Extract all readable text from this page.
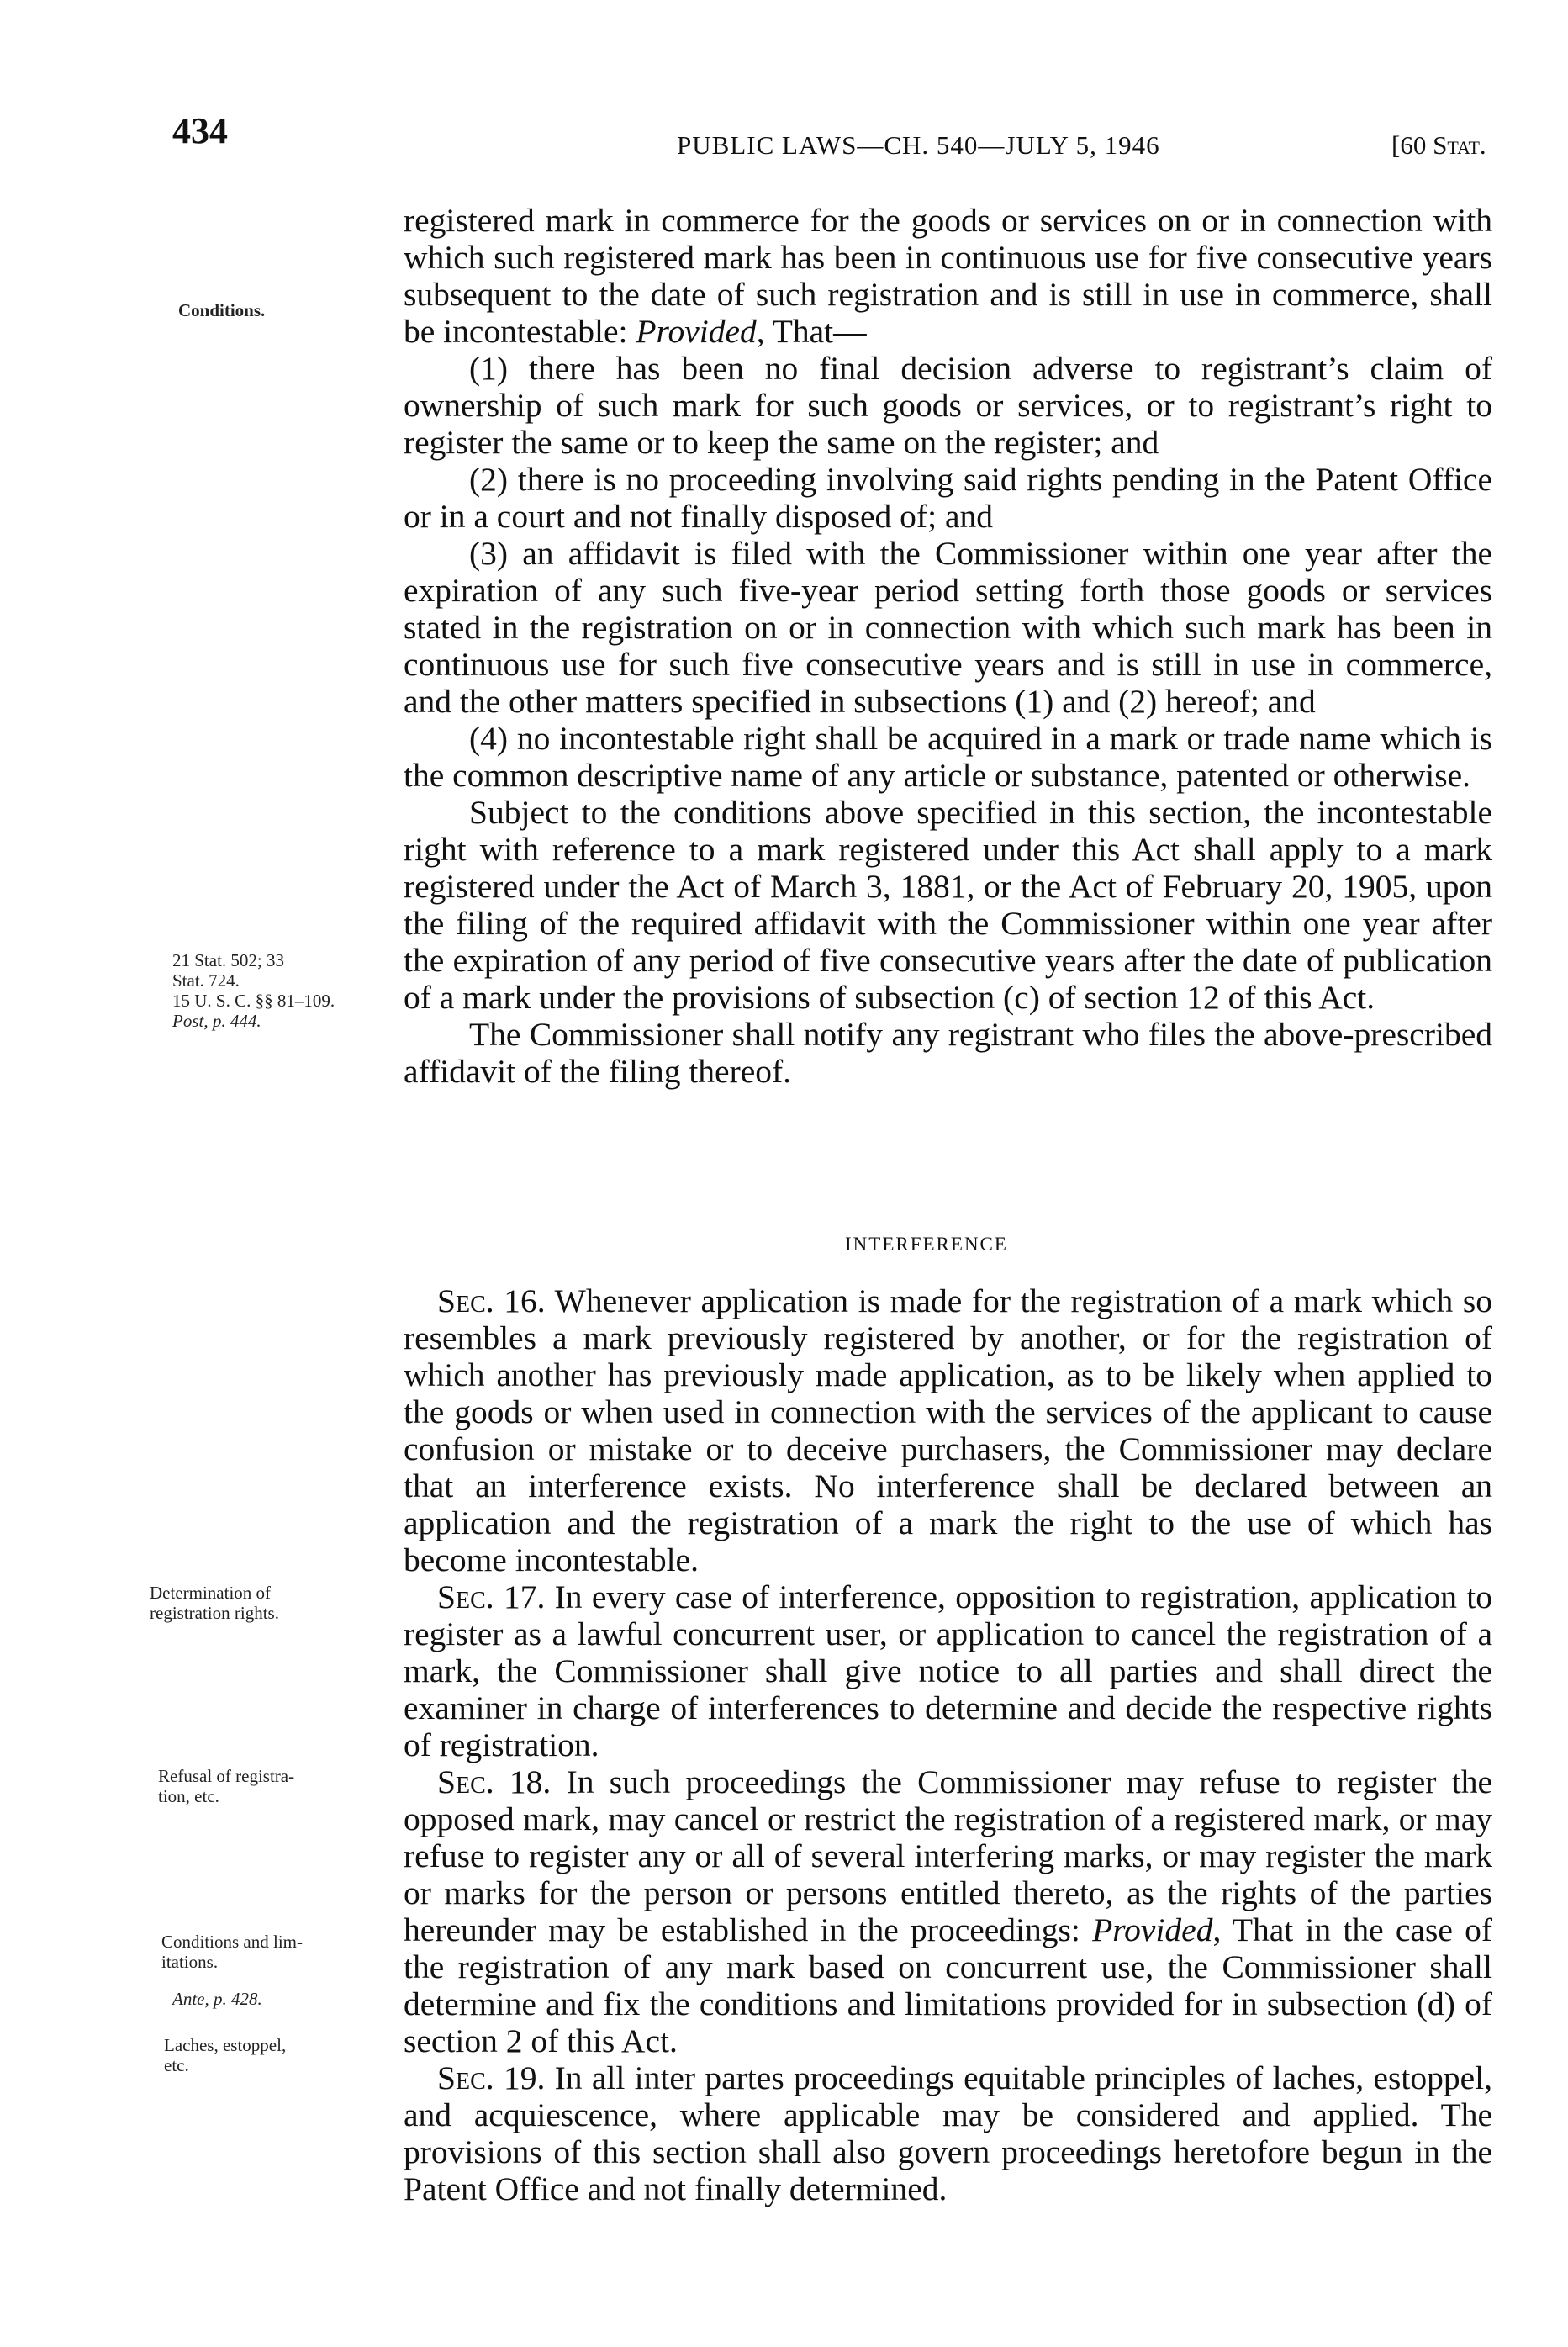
434	PUBLIC LAWS—CH. 540—JULY 5, 1946	[60 Stat.

registered mark in commerce for the goods or services on or in connection with which such registered mark has been in continuous use for five consecutive years subsequent to the date of such registration and is still in use in commerce, shall be incontestable: Provided, That—

(1) there has been no final decision adverse to registrant’s claim of ownership of such mark for such goods or services, or to registrant’s right to register the same or to keep the same on the register; and

(2) there is no proceeding involving said rights pending in the Patent Office or in a court and not finally disposed of; and

(3) an affidavit is filed with the Commissioner within one year after the expiration of any such five-year period setting forth those goods or services stated in the registration on or in connection with which such mark has been in continuous use for such five consecutive years and is still in use in commerce, and the other matters specified in subsections (1) and (2) hereof; and

(4) no incontestable right shall be acquired in a mark or trade name which is the common descriptive name of any article or substance, patented or otherwise.

Subject to the conditions above specified in this section, the incontestable right with reference to a mark registered under this Act shall apply to a mark registered under the Act of March 3, 1881, or the Act of February 20, 1905, upon the filing of the required affidavit with the Commissioner within one year after the expiration of any period of five consecutive years after the date of publication of a mark under the provisions of subsection (c) of section 12 of this Act.

The Commissioner shall notify any registrant who files the above-prescribed affidavit of the filing thereof.

INTERFERENCE

Sec. 16. Whenever application is made for the registration of a mark which so resembles a mark previously registered by another, or for the registration of which another has previously made application, as to be likely when applied to the goods or when used in connection with the services of the applicant to cause confusion or mistake or to deceive purchasers, the Commissioner may declare that an interference exists. No interference shall be declared between an application and the registration of a mark the right to the use of which has become incontestable.

Sec. 17. In every case of interference, opposition to registration, application to register as a lawful concurrent user, or application to cancel the registration of a mark, the Commissioner shall give notice to all parties and shall direct the examiner in charge of interferences to determine and decide the respective rights of registration.

Sec. 18. In such proceedings the Commissioner may refuse to register the opposed mark, may cancel or restrict the registration of a registered mark, or may refuse to register any or all of several interfering marks, or may register the mark or marks for the person or persons entitled thereto, as the rights of the parties hereunder may be established in the proceedings: Provided, That in the case of the registration of any mark based on concurrent use, the Commissioner shall determine and fix the conditions and limitations provided for in subsection (d) of section 2 of this Act.

Sec. 19. In all inter partes proceedings equitable principles of laches, estoppel, and acquiescence, where applicable may be considered and applied. The provisions of this section shall also govern proceedings heretofore begun in the Patent Office and not finally determined.

Conditions.
21 Stat. 502; 33
Stat. 724.
15 U. S. C. §§ 81–109.
Post, p. 444.
Determination of
registration rights.
Refusal of registra-
tion, etc.
Conditions and lim-
itations.
Ante, p. 428.
Laches, estoppel,
etc.
